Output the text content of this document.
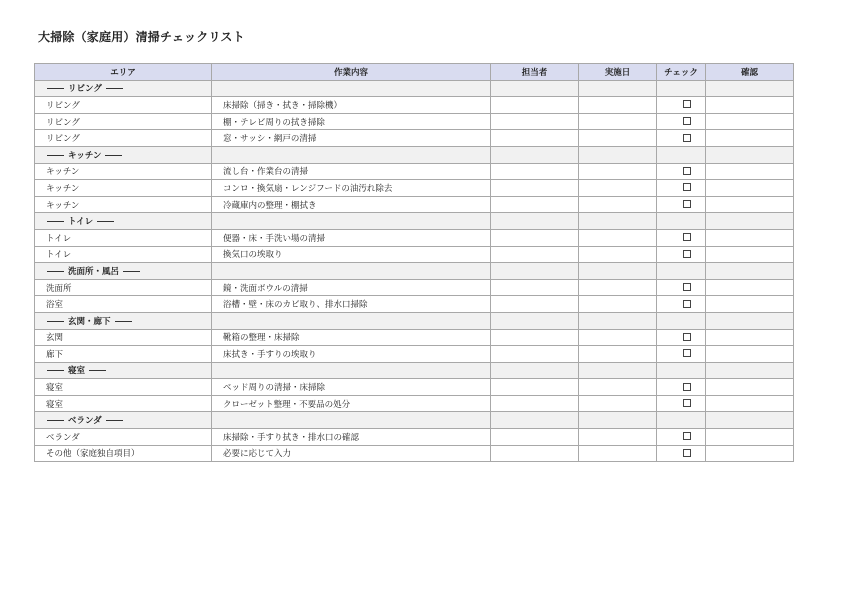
大掃除（家庭用）清掃チェックリスト
エリア	作業内容	担当者	実施日	チェック	確認
リビング					
リビング	床掃除（掃き・拭き・掃除機）				
リビング	棚・テレビ周りの拭き掃除				
リビング	窓・サッシ・網戸の清掃				
キッチン					
キッチン	流し台・作業台の清掃				
キッチン	コンロ・換気扇・レンジフードの油汚れ除去				
キッチン	冷蔵庫内の整理・棚拭き				
トイレ					
トイレ	便器・床・手洗い場の清掃				
トイレ	換気口の埃取り				
洗面所・風呂					
洗面所	鏡・洗面ボウルの清掃				
浴室	浴槽・壁・床のカビ取り、排水口掃除				
玄関・廊下					
玄関	靴箱の整理・床掃除				
廊下	床拭き・手すりの埃取り				
寝室					
寝室	ベッド周りの清掃・床掃除				
寝室	クローゼット整理・不要品の処分				
ベランダ					
ベランダ	床掃除・手すり拭き・排水口の確認				
その他（家庭独自項目）	必要に応じて入力				
